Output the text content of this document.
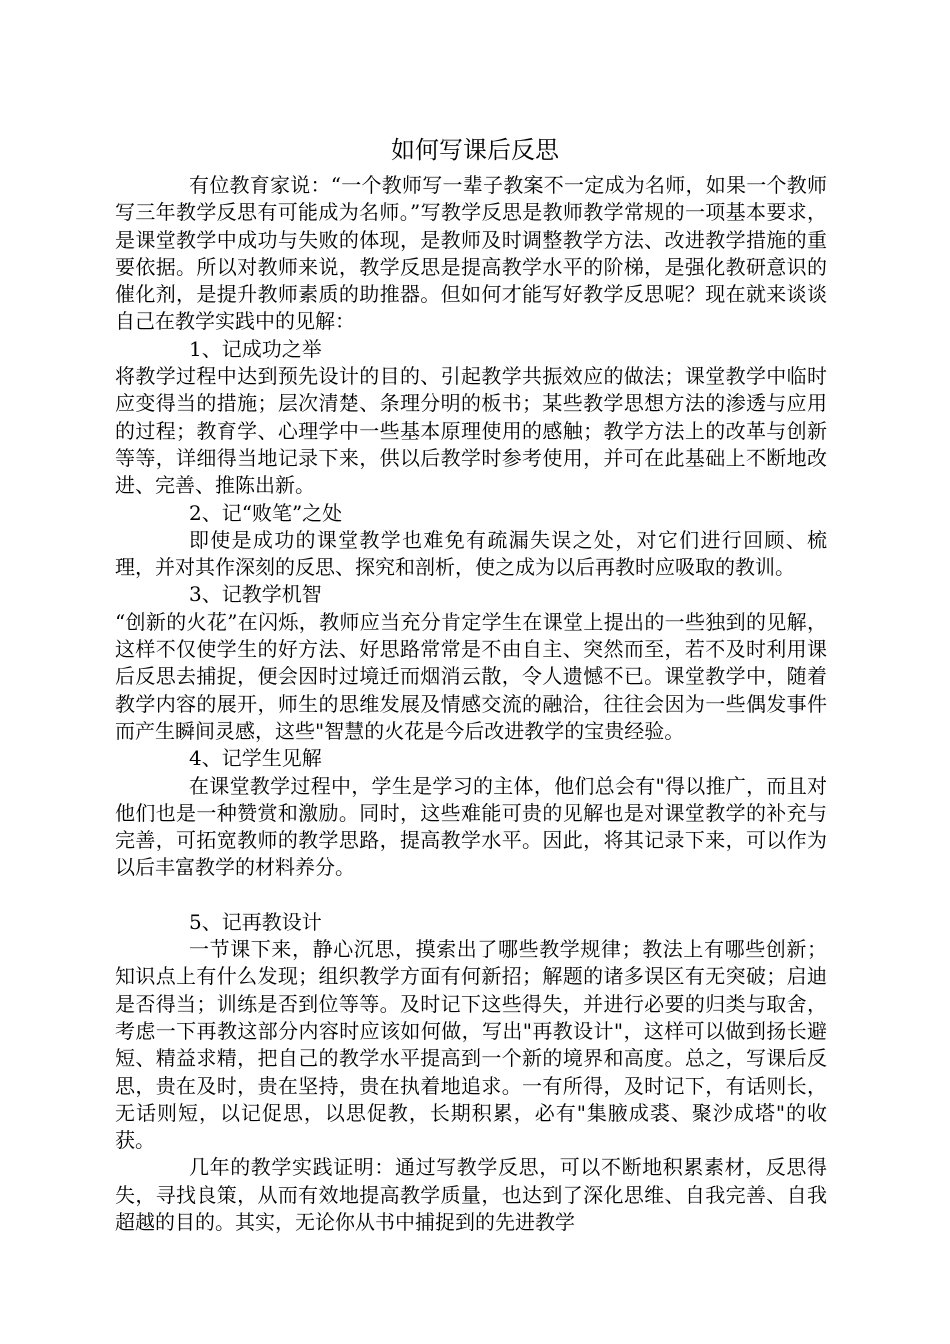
如何写课后反思

有位教育家说：“一个教师写一辈子教案不一定成为名师，如果一个教师写三年教学反思有可能成为名师。”写教学反思是教师教学常规的一项基本要求，是课堂教学中成功与失败的体现，是教师及时调整教学方法、改进教学措施的重要依据。所以对教师来说，教学反思是提高教学水平的阶梯，是强化教研意识的催化剂，是提升教师素质的助推器。但如何才能写好教学反思呢？现在就来谈谈自己在教学实践中的见解：

1、记成功之举

将教学过程中达到预先设计的目的、引起教学共振效应的做法；课堂教学中临时应变得当的措施；层次清楚、条理分明的板书；某些教学思想方法的渗透与应用的过程；教育学、心理学中一些基本原理使用的感触；教学方法上的改革与创新等等，详细得当地记录下来，供以后教学时参考使用，并可在此基础上不断地改进、完善、推陈出新。

2、记“败笔”之处

即使是成功的课堂教学也难免有疏漏失误之处，对它们进行回顾、梳理，并对其作深刻的反思、探究和剖析，使之成为以后再教时应吸取的教训。

3、记教学机智

“创新的火花”在闪烁，教师应当充分肯定学生在课堂上提出的一些独到的见解，这样不仅使学生的好方法、好思路常常是不由自主、突然而至，若不及时利用课后反思去捕捉，便会因时过境迁而烟消云散，令人遗憾不已。课堂教学中，随着教学内容的展开，师生的思维发展及情感交流的融洽，往往会因为一些偶发事件而产生瞬间灵感，这些"智慧的火花是今后改进教学的宝贵经验。

4、记学生见解

在课堂教学过程中，学生是学习的主体，他们总会有"得以推广，而且对他们也是一种赞赏和激励。同时，这些难能可贵的见解也是对课堂教学的补充与完善，可拓宽教师的教学思路，提高教学水平。因此，将其记录下来，可以作为以后丰富教学的材料养分。

5、记再教设计

一节课下来，静心沉思，摸索出了哪些教学规律；教法上有哪些创新；知识点上有什么发现；组织教学方面有何新招；解题的诸多误区有无突破；启迪是否得当；训练是否到位等等。及时记下这些得失，并进行必要的归类与取舍，考虑一下再教这部分内容时应该如何做，写出"再教设计"，这样可以做到扬长避短、精益求精，把自己的教学水平提高到一个新的境界和高度。总之，写课后反思，贵在及时，贵在坚持，贵在执着地追求。一有所得，及时记下，有话则长，无话则短，以记促思，以思促教，长期积累，必有"集腋成裘、聚沙成塔"的收获。

几年的教学实践证明：通过写教学反思，可以不断地积累素材，反思得失，寻找良策，从而有效地提高教学质量，也达到了深化思维、自我完善、自我超越的目的。其实，无论你从书中捕捉到的先进教学
